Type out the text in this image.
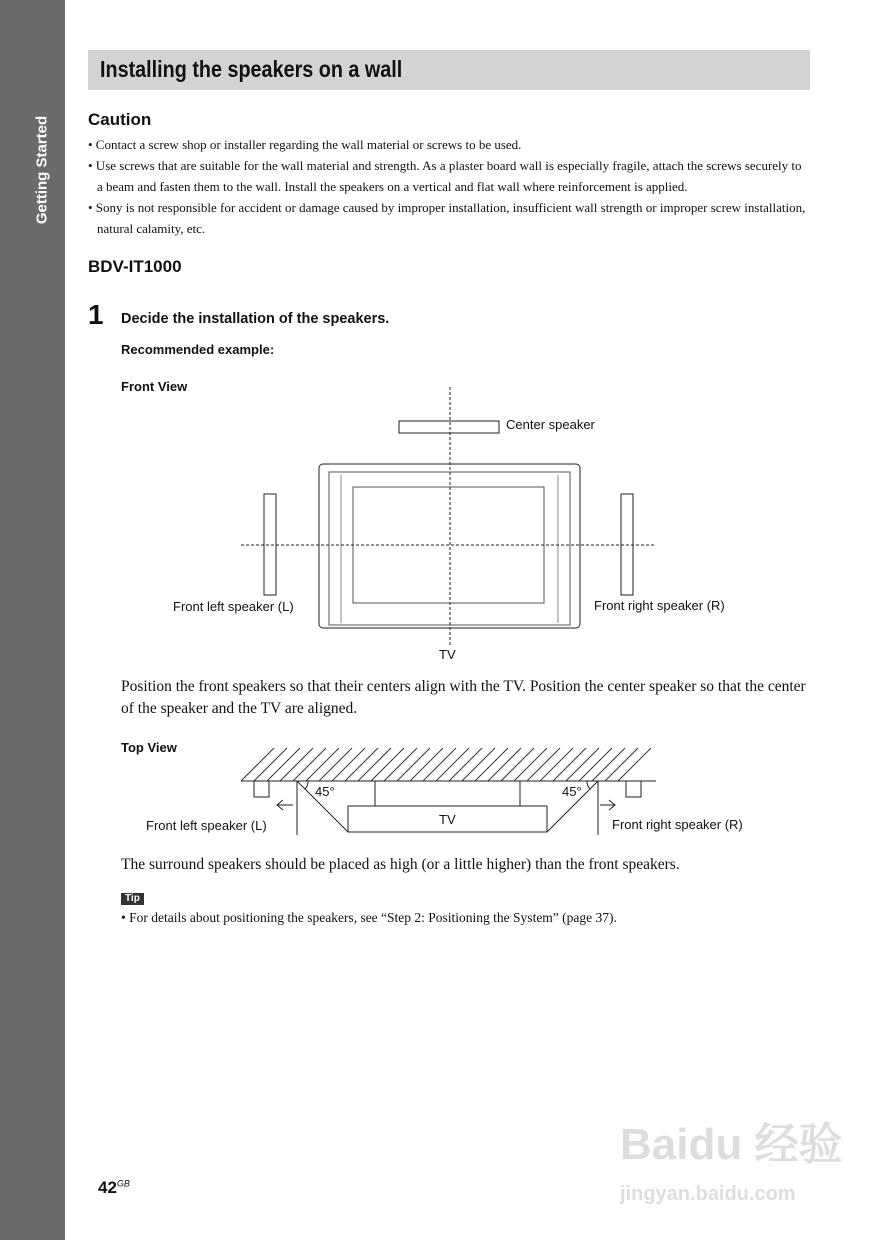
Getting Started
Installing the speakers on a wall
Caution
• Contact a screw shop or installer regarding the wall material or screws to be used.
• Use screws that are suitable for the wall material and strength. As a plaster board wall is especially fragile, attach the screws securely to a beam and fasten them to the wall. Install the speakers on a vertical and flat wall where reinforcement is applied.
• Sony is not responsible for accident or damage caused by improper installation, insufficient wall strength or improper screw installation, natural calamity, etc.
BDV-IT1000
1 Decide the installation of the speakers.
Recommended example:
Front View
Center speaker
Front left speaker (L)	Front right speaker (R)
TV
45°	45°
Front left speaker (L)	TV	Front right speaker (R)
Position the front speakers so that their centers align with the TV. Position the center speaker so that the center of the speaker and the TV are aligned.
Top View
The surround speakers should be placed as high (or a little higher) than the front speakers.
Tip
• For details about positioning the speakers, see “Step 2: Positioning the System” (page 37).
$42^{GB}$
Baidu 经验
jingyan.baidu.com
